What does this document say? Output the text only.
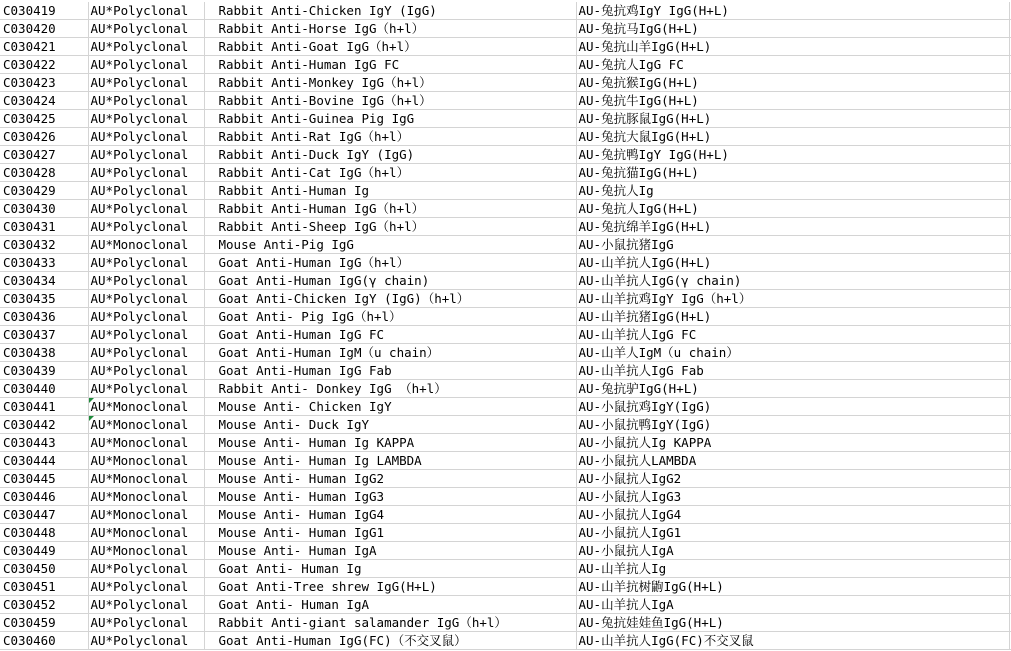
C030419	AU*Polyclonal	Rabbit Anti-Chicken IgY (IgG)	AU-兔抗鸡IgY IgG(H+L)	
C030420	AU*Polyclonal	Rabbit Anti-Horse IgG（h+l）	AU-兔抗马IgG(H+L)	
C030421	AU*Polyclonal	Rabbit Anti-Goat IgG（h+l）	AU-兔抗山羊IgG(H+L)	
C030422	AU*Polyclonal	Rabbit Anti-Human IgG FC	AU-兔抗人IgG FC	
C030423	AU*Polyclonal	Rabbit Anti-Monkey IgG（h+l）	AU-兔抗猴IgG(H+L)	
C030424	AU*Polyclonal	Rabbit Anti-Bovine IgG（h+l）	AU-兔抗牛IgG(H+L)	
C030425	AU*Polyclonal	Rabbit Anti-Guinea Pig IgG	AU-兔抗豚鼠IgG(H+L)	
C030426	AU*Polyclonal	Rabbit Anti-Rat IgG（h+l）	AU-兔抗大鼠IgG(H+L)	
C030427	AU*Polyclonal	Rabbit Anti-Duck IgY (IgG)	AU-兔抗鸭IgY IgG(H+L)	
C030428	AU*Polyclonal	Rabbit Anti-Cat IgG（h+l）	AU-兔抗猫IgG(H+L)	
C030429	AU*Polyclonal	Rabbit Anti-Human Ig	AU-兔抗人Ig	
C030430	AU*Polyclonal	Rabbit Anti-Human IgG（h+l）	AU-兔抗人IgG(H+L)	
C030431	AU*Polyclonal	Rabbit Anti-Sheep IgG（h+l）	AU-兔抗绵羊IgG(H+L)	
C030432	AU*Monoclonal	Mouse Anti-Pig IgG	AU-小鼠抗猪IgG	
C030433	AU*Polyclonal	Goat Anti-Human IgG（h+l）	AU-山羊抗人IgG(H+L)	
C030434	AU*Polyclonal	Goat Anti-Human IgG(γ chain)	AU-山羊抗人IgG(γ chain)	
C030435	AU*Polyclonal	Goat Anti-Chicken IgY (IgG)（h+l）	AU-山羊抗鸡IgY IgG（h+l）	
C030436	AU*Polyclonal	Goat Anti- Pig IgG（h+l）	AU-山羊抗猪IgG(H+L)	
C030437	AU*Polyclonal	Goat Anti-Human IgG FC	AU-山羊抗人IgG FC	
C030438	AU*Polyclonal	Goat Anti-Human IgM（u chain）	AU-山羊人IgM（u chain）	
C030439	AU*Polyclonal	Goat Anti-Human IgG Fab	AU-山羊抗人IgG Fab	
C030440	AU*Polyclonal	Rabbit Anti- Donkey IgG （h+l）	AU-兔抗驴IgG(H+L)	
C030441	AU*Monoclonal	Mouse Anti- Chicken IgY	AU-小鼠抗鸡IgY(IgG)	
C030442	AU*Monoclonal	Mouse Anti- Duck IgY	AU-小鼠抗鸭IgY(IgG)	
C030443	AU*Monoclonal	Mouse Anti- Human Ig KAPPA	AU-小鼠抗人Ig KAPPA	
C030444	AU*Monoclonal	Mouse Anti- Human Ig LAMBDA	AU-小鼠抗人LAMBDA	
C030445	AU*Monoclonal	Mouse Anti- Human IgG2	AU-小鼠抗人IgG2	
C030446	AU*Monoclonal	Mouse Anti- Human IgG3	AU-小鼠抗人IgG3	
C030447	AU*Monoclonal	Mouse Anti- Human IgG4	AU-小鼠抗人IgG4	
C030448	AU*Monoclonal	Mouse Anti- Human IgG1	AU-小鼠抗人IgG1	
C030449	AU*Monoclonal	Mouse Anti- Human IgA	AU-小鼠抗人IgA	
C030450	AU*Polyclonal	Goat Anti- Human Ig	AU-山羊抗人Ig	
C030451	AU*Polyclonal	Goat Anti-Tree shrew IgG(H+L)	AU-山羊抗树鼩IgG(H+L)	
C030452	AU*Polyclonal	Goat Anti- Human IgA	AU-山羊抗人IgA	
C030459	AU*Polyclonal	Rabbit Anti-giant salamander IgG（h+l）	AU-兔抗娃娃鱼IgG(H+L)	
C030460	AU*Polyclonal	Goat Anti-Human IgG(FC)（不交叉鼠）	AU-山羊抗人IgG(FC)不交叉鼠	
